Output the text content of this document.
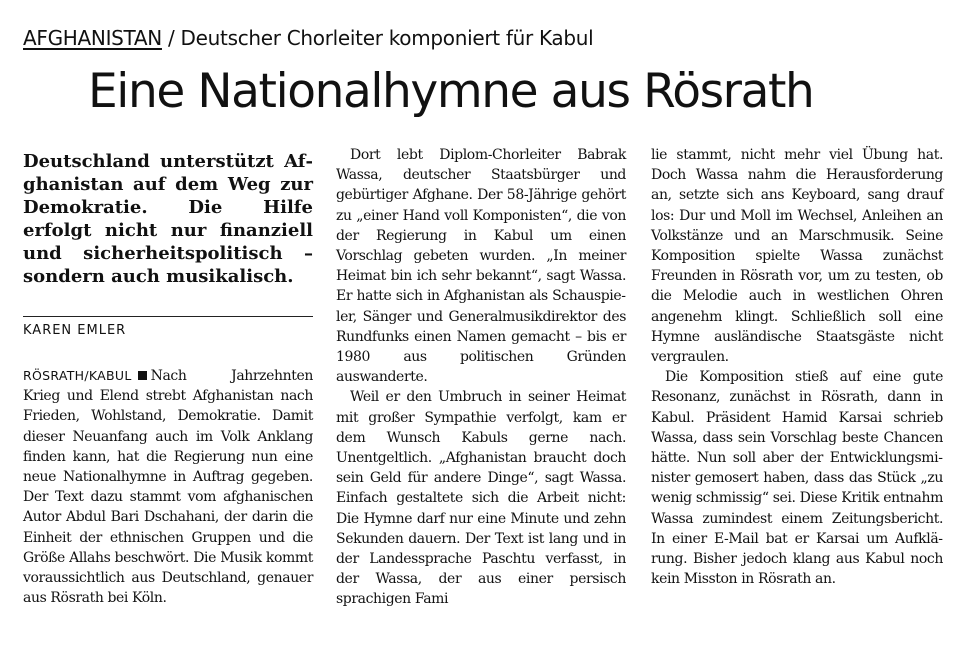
AFGHANISTAN / Deutscher Chorleiter komponiert für Kabul
Eine Nationalhymne aus Rösrath
Deutschland unterstützt Afghanistan auf dem Weg zur Demokratie. Die Hilfe erfolgt nicht nur finanziell und sicherheitspolitisch – sondern auch musikalisch.
KAREN EMLER

RÖSRATH/KABUL Nach Jahrzehnten Krieg und Elend strebt Afghanistan nach Frieden, Wohlstand, Demokratie. Damit dieser Neuanfang auch im Volk Anklang finden kann, hat die Regierung nun eine neue Nationalhymne in Auftrag gegeben. Der Text dazu stammt vom afghanischen Autor Abdul Bari Dschahani, der darin die Einheit der ethnischen Gruppen und die Größe Allahs beschwört. Die Musik kommt voraussichtlich aus Deutschland, genauer aus Rösrath bei Köln.

Dort lebt Diplom-Chorleiter Babrak Wassa, deutscher Staatsbürger und gebürtiger Afghane. Der 58-Jährige gehört zu „einer Hand voll Komponisten“, die von der Regierung in Kabul um einen Vorschlag gebeten wurden. „In meiner Heimat bin ich sehr bekannt“, sagt Wassa. Er hatte sich in Afghanistan als Schauspieler, Sänger und Generalmusikdirektor des Rundfunks einen Namen gemacht – bis er 1980 aus politischen Gründen auswanderte.

Weil er den Umbruch in seiner Heimat mit großer Sympathie verfolgt, kam er dem Wunsch Kabuls gerne nach. Unentgeltlich. „Afghanistan braucht doch sein Geld für andere Dinge“, sagt Wassa. Einfach gestaltete sich die Arbeit nicht: Die Hymne darf nur eine Minute und zehn Sekunden dauern. Der Text ist lang und in der Landessprache Paschtu verfasst, in der Wassa, der aus einer persisch sprachigen Fami

lie stammt, nicht mehr viel Übung hat. Doch Wassa nahm die Herausforderung an, setzte sich ans Keyboard, sang drauf los: Dur und Moll im Wechsel, Anleihen an Volkstänze und an Marschmusik. Seine Komposition spielte Wassa zunächst Freunden in Rösrath vor, um zu testen, ob die Melodie auch in westlichen Ohren angenehm klingt. Schließlich soll eine Hymne ausländische Staatsgäste nicht vergraulen.

Die Komposition stieß auf eine gute Resonanz, zunächst in Rösrath, dann in Kabul. Präsident Hamid Karsai schrieb Wassa, dass sein Vorschlag beste Chancen hätte. Nun soll aber der Entwicklungsminister gemosert haben, dass das Stück „zu wenig schmissig“ sei. Diese Kritik entnahm Wassa zumindest einem Zeitungsbericht. In einer E-Mail bat er Karsai um Aufklärung. Bisher jedoch klang aus Kabul noch kein Misston in Rösrath an.
